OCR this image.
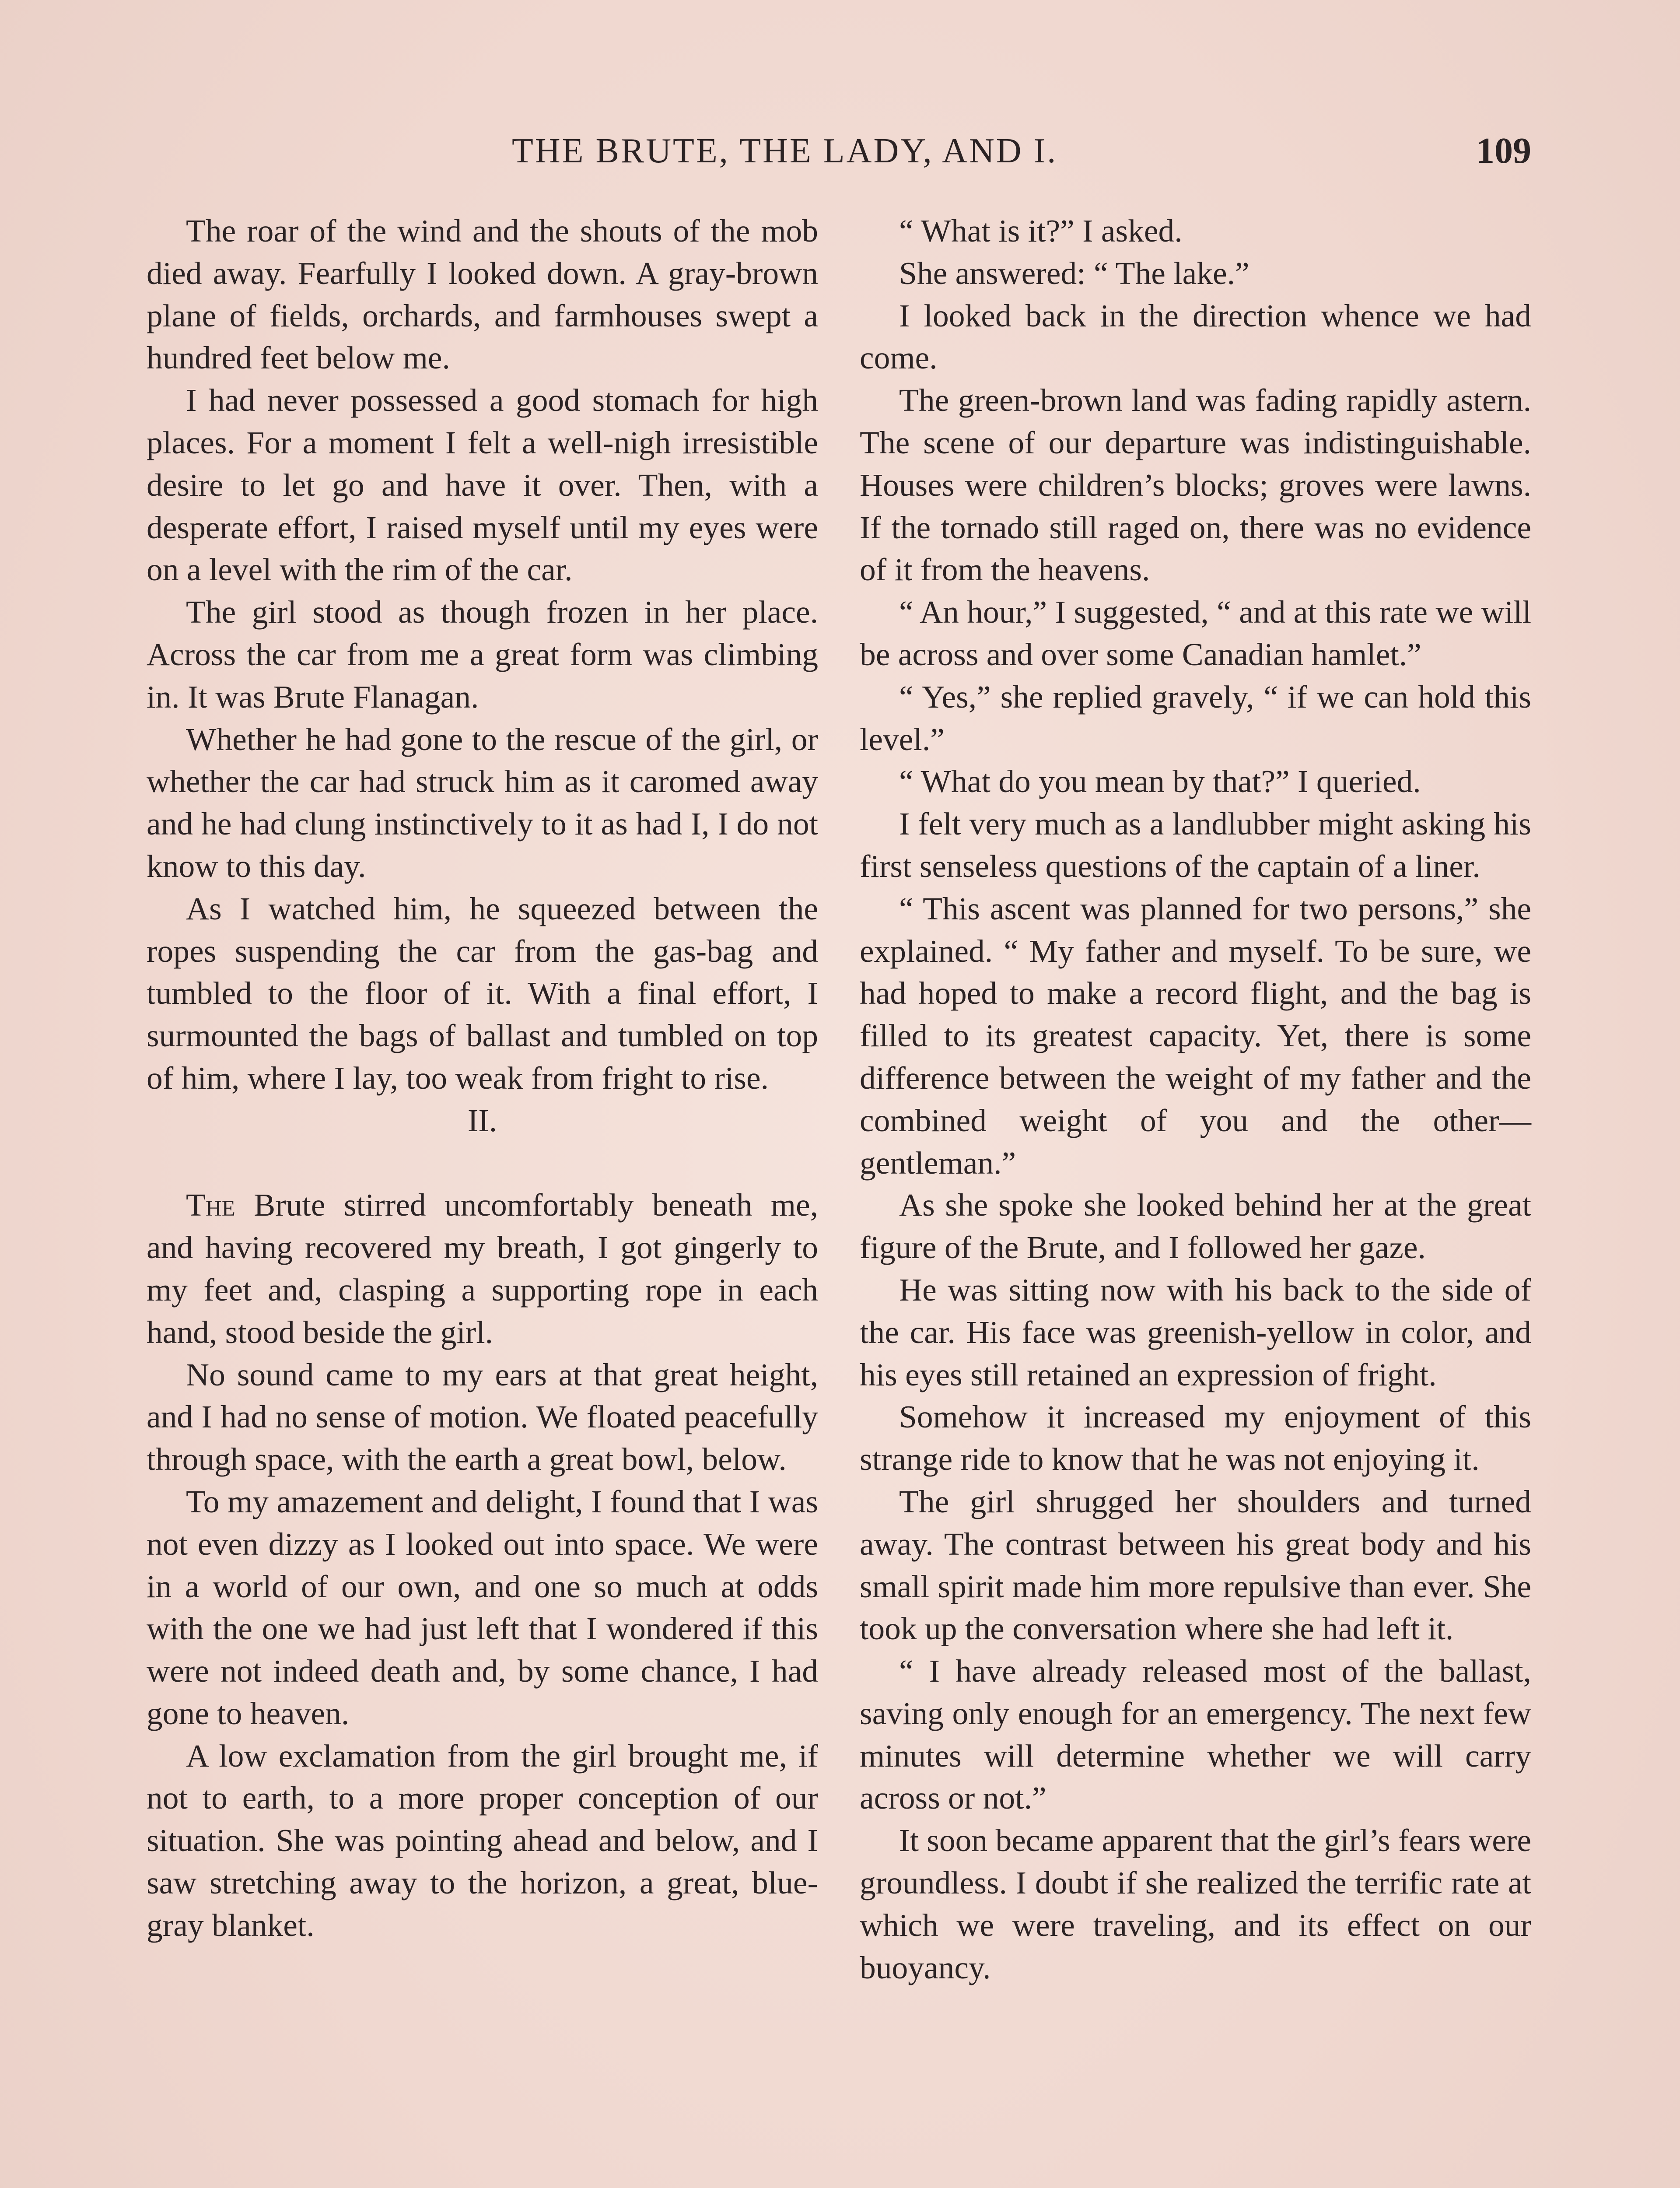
THE BRUTE, THE LADY, AND I.	109

The roar of the wind and the shouts of the mob died away. Fearfully I looked down. A gray-brown plane of fields, orchards, and farmhouses swept a hundred feet below me.

I had never possessed a good stomach for high places. For a moment I felt a well-nigh irresistible desire to let go and have it over. Then, with a desperate effort, I raised myself until my eyes were on a level with the rim of the car.

The girl stood as though frozen in her place. Across the car from me a great form was climbing in. It was Brute Flanagan.

Whether he had gone to the rescue of the girl, or whether the car had struck him as it caromed away and he had clung instinctively to it as had I, I do not know to this day.

As I watched him, he squeezed between the ropes suspending the car from the gas-bag and tumbled to the floor of it. With a final effort, I surmounted the bags of ballast and tumbled on top of him, where I lay, too weak from fright to rise.

II.

The Brute stirred uncomfortably beneath me, and having recovered my breath, I got gingerly to my feet and, clasping a supporting rope in each hand, stood beside the girl.

No sound came to my ears at that great height, and I had no sense of motion. We floated peacefully through space, with the earth a great bowl, below.

To my amazement and delight, I found that I was not even dizzy as I looked out into space. We were in a world of our own, and one so much at odds with the one we had just left that I wondered if this were not indeed death and, by some chance, I had gone to heaven.

A low exclamation from the girl brought me, if not to earth, to a more proper conception of our situation. She was pointing ahead and below, and I saw stretching away to the horizon, a great, blue-gray blanket.

“ What is it?” I asked.

She answered: “ The lake.”

I looked back in the direction whence we had come.

The green-brown land was fading rapidly astern. The scene of our departure was indistinguishable. Houses were children’s blocks; groves were lawns. If the tornado still raged on, there was no evidence of it from the heavens.

“ An hour,” I suggested, “ and at this rate we will be across and over some Canadian hamlet.”

“ Yes,” she replied gravely, “ if we can hold this level.”

“ What do you mean by that?” I queried.

I felt very much as a landlubber might asking his first senseless questions of the captain of a liner.

“ This ascent was planned for two persons,” she explained. “ My father and myself. To be sure, we had hoped to make a record flight, and the bag is filled to its greatest capacity. Yet, there is some difference between the weight of my father and the combined weight of you and the other—gentleman.”

As she spoke she looked behind her at the great figure of the Brute, and I followed her gaze.

He was sitting now with his back to the side of the car. His face was greenish-yellow in color, and his eyes still retained an expression of fright.

Somehow it increased my enjoyment of this strange ride to know that he was not enjoying it.

The girl shrugged her shoulders and turned away. The contrast between his great body and his small spirit made him more repulsive than ever. She took up the conversation where she had left it.

“ I have already released most of the ballast, saving only enough for an emergency. The next few minutes will determine whether we will carry across or not.”

It soon became apparent that the girl’s fears were groundless. I doubt if she realized the terrific rate at which we were traveling, and its effect on our buoyancy.
